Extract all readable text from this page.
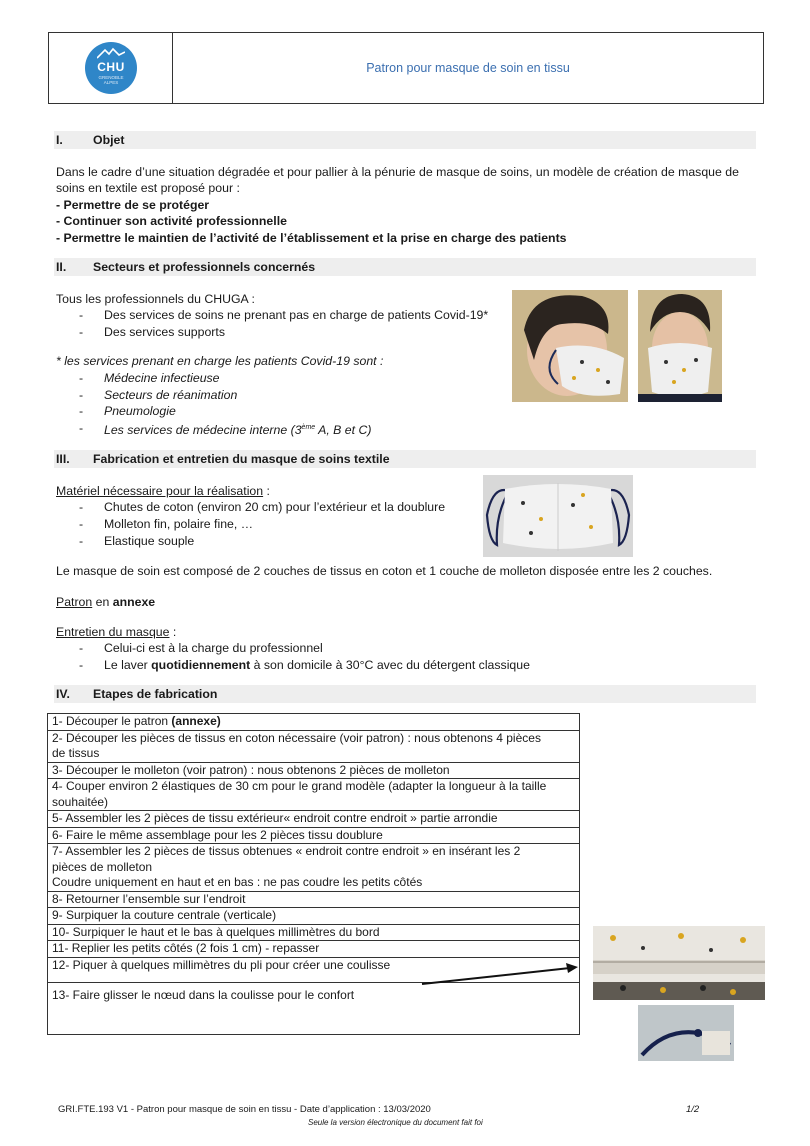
CHU
GRENOBLE
ALPES
Patron pour masque de soin en tissu
I. Objet
Dans le cadre d’une situation dégradée et pour pallier à la pénurie de masque de soins, un modèle de création de masque de
soins en textile est proposé pour :
- Permettre de se protéger
- Continuer son activité professionnelle
- Permettre le maintien de l’activité de l’établissement et la prise en charge des patients
II. Secteurs et professionnels concernés
Tous les professionnels du CHUGA :
- Des services de soins ne prenant pas en charge de patients Covid-19*
- Des services supports
* les services prenant en charge les patients Covid-19 sont :
- Médecine infectieuse
- Secteurs de réanimation
- Pneumologie
- Les services de médecine interne (3ème A, B et C)
III. Fabrication et entretien du masque de soins textile
Matériel nécessaire pour la réalisation :
- Chutes de coton (environ 20 cm) pour l’extérieur et la doublure
- Molleton fin, polaire fine, …
- Elastique souple
Le masque de soin est composé de 2 couches de tissus en coton et 1 couche de molleton disposée entre les 2 couches.
Patron en annexe
Entretien du masque :
- Celui-ci est à la charge du professionnel
- Le laver quotidiennement à son domicile à 30°C avec du détergent classique
IV. Etapes de fabrication
1- Découper le patron (annexe)

2- Découper les pièces de tissus en coton nécessaire (voir patron) : nous obtenons 4 pièces
de tissus

3- Découper le molleton (voir patron) : nous obtenons 2 pièces de molleton

4- Couper environ 2 élastiques de 30 cm pour le grand modèle (adapter la longueur à la taille
souhaitée)

5- Assembler les 2 pièces de tissu extérieur« endroit contre endroit » partie arrondie
6- Faire le même assemblage pour les 2 pièces tissu doublure

7- Assembler les 2 pièces de tissus obtenues « endroit contre endroit » en insérant les 2
pièces de molleton
Coudre uniquement en haut et en bas : ne pas coudre les petits côtés

8- Retourner l’ensemble sur l’endroit
9- Surpiquer la couture centrale (verticale)
10- Surpiquer le haut et le bas à quelques millimètres du bord
11- Replier les petits côtés (2 fois 1 cm) - repasser
12- Piquer à quelques millimètres du pli pour créer une coulisse
13- Faire glisser le nœud dans la coulisse pour le confort
GRI.FTE.193 V1 - Patron pour masque de soin en tissu - Date d’application : 13/03/2020	1/2
Seule la version électronique du document fait foi
